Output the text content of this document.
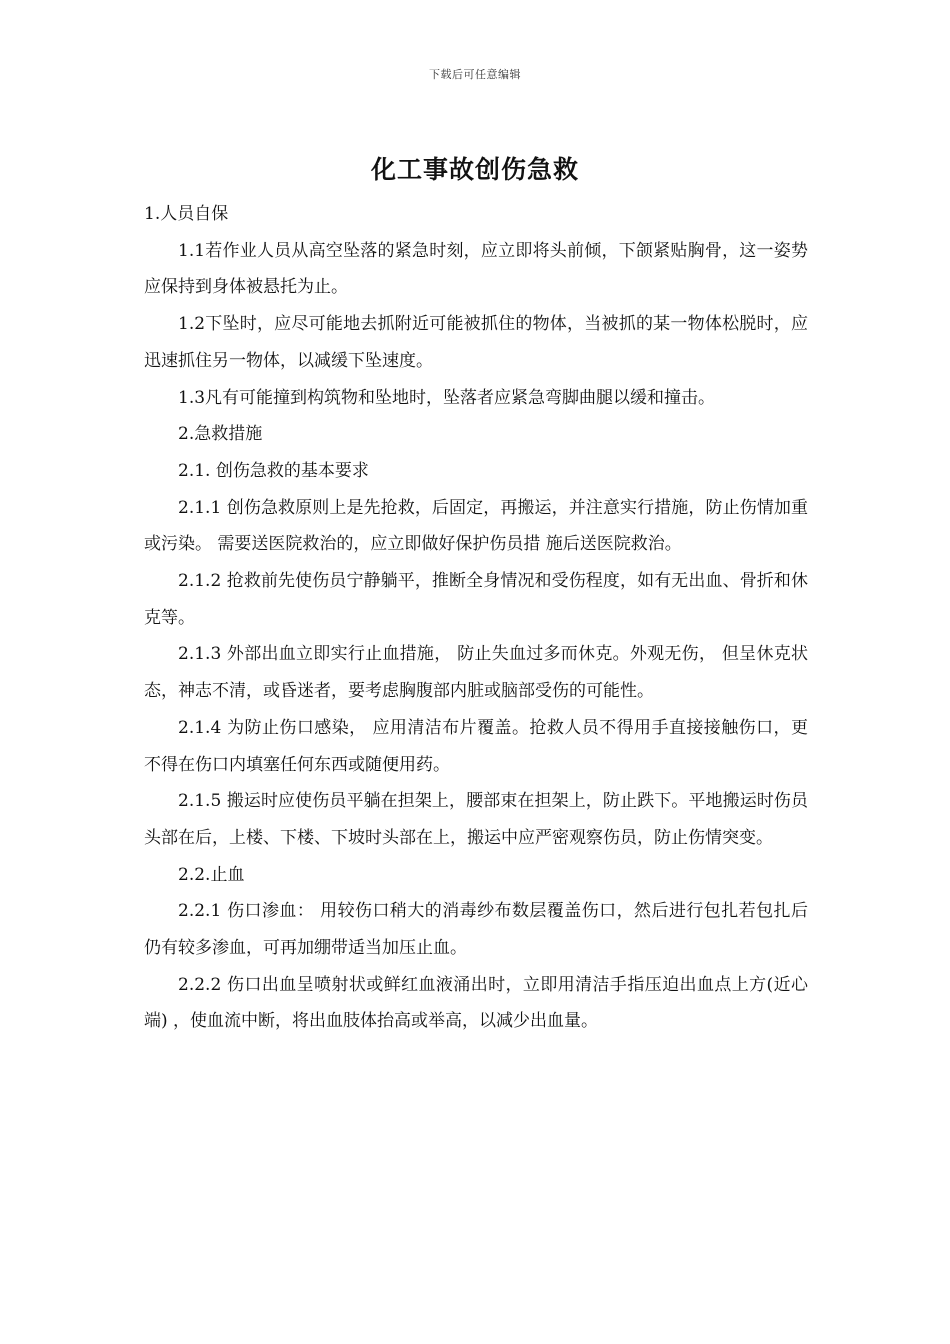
下载后可任意编辑
化工事故创伤急救

1.人员自保

1.1若作业人员从高空坠落的紧急时刻，应立即将头前倾，下颌紧贴胸骨，这一姿势应保持到身体被悬托为止。

1.2下坠时，应尽可能地去抓附近可能被抓住的物体，当被抓的某一物体松脱时，应迅速抓住另一物体，以减缓下坠速度。

1.3凡有可能撞到构筑物和坠地时，坠落者应紧急弯脚曲腿以缓和撞击。

2.急救措施

2.1. 创伤急救的基本要求

2.1.1 创伤急救原则上是先抢救，后固定，再搬运，并注意实行措施，防止伤情加重或污染。 需要送医院救治的，应立即做好保护伤员措 施后送医院救治。

2.1.2 抢救前先使伤员宁静躺平，推断全身情况和受伤程度，如有无出血、骨折和休克等。

2.1.3 外部出血立即实行止血措施， 防止失血过多而休克。外观无伤， 但呈休克状态，神志不清，或昏迷者，要考虑胸腹部内脏或脑部受伤的可能性。

2.1.4 为防止伤口感染， 应用清洁布片覆盖。抢救人员不得用手直接接触伤口，更不得在伤口内填塞任何东西或随便用药。

2.1.5 搬运时应使伤员平躺在担架上，腰部束在担架上，防止跌下。平地搬运时伤员头部在后，上楼、下楼、下坡时头部在上，搬运中应严密观察伤员，防止伤情突变。

2.2.止血

2.2.1 伤口渗血： 用较伤口稍大的消毒纱布数层覆盖伤口，然后进行包扎若包扎后仍有较多渗血，可再加绷带适当加压止血。

2.2.2 伤口出血呈喷射状或鲜红血液涌出时，立即用清洁手指压迫出血点上方(近心端) ，使血流中断，将出血肢体抬高或举高，以减少出血量。
